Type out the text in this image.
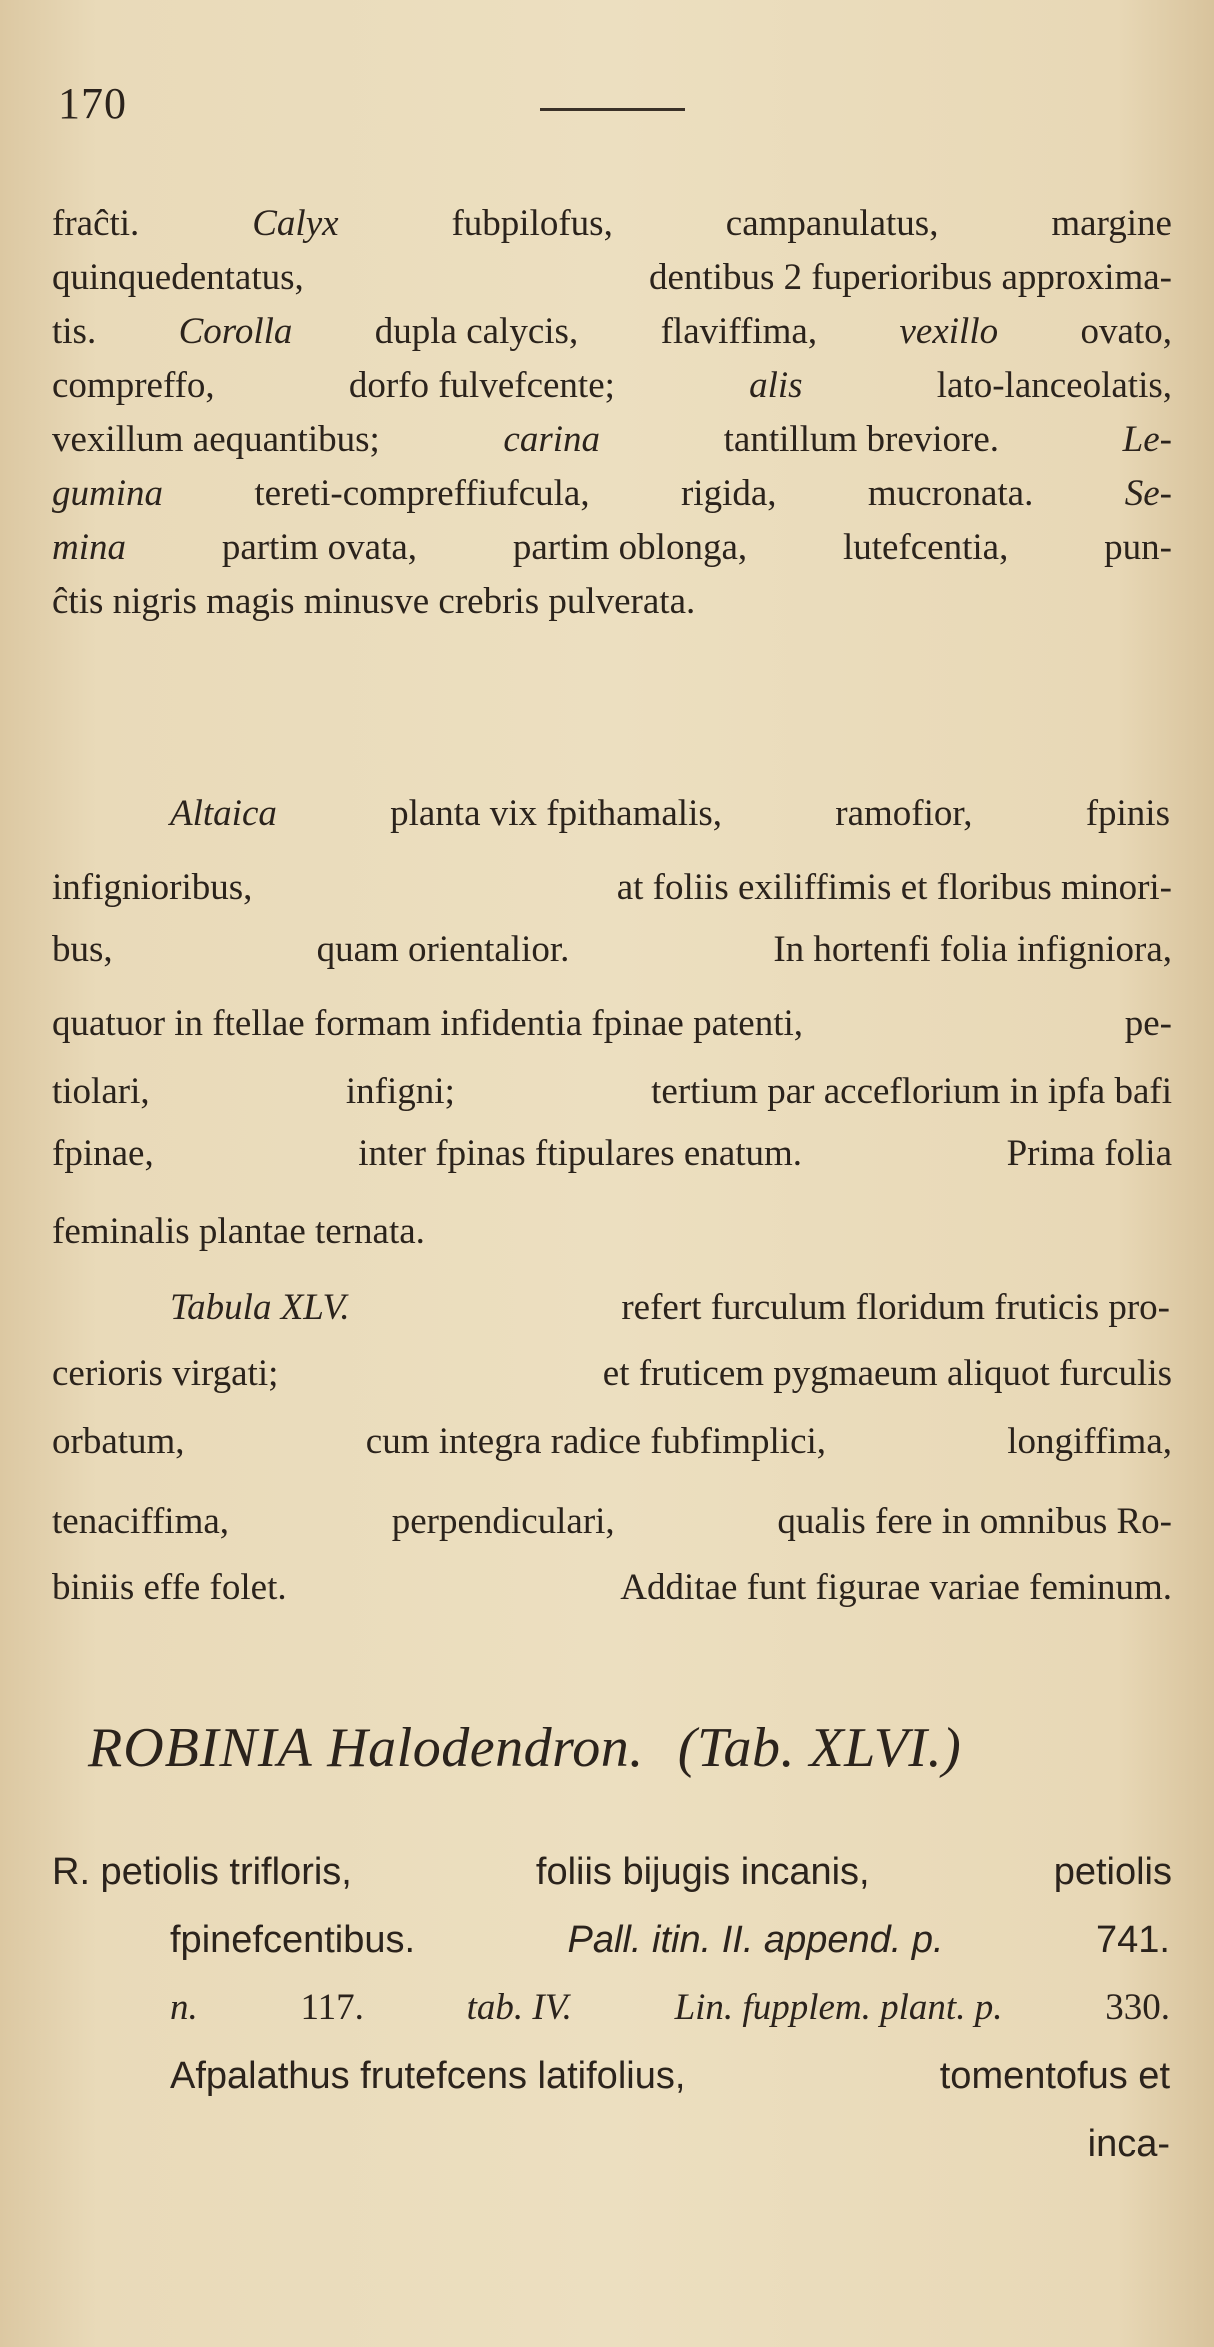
170
fraĉti.	Calyx	fubpilofus,	campanulatus,	margine
quinquedentatus,	dentibus 2 fuperioribus approxima-
tis. Corolla dupla calycis, flaviffima, vexillo ovato,
compreffo,	dorfo fulvefcente;	alis	lato-lanceolatis,
vexillum aequantibus;	carina	tantillum breviore.	Le-
gumina tereti-compreffiufcula, rigida, mucronata. Se-
mina	partim ovata,	partim oblonga,	lutefcentia,	pun-
ĉtis nigris magis minusve crebris pulverata.
Altaica	planta vix fpithamalis,	ramofior,	fpinis
infignioribus,	at foliis exiliffimis et floribus minori-
bus,	quam orientalior.	In hortenfi folia infigniora,
quatuor in ftellae formam infidentia fpinae patenti,	pe-
tiolari,	infigni;	tertium par acceflorium in ipfa bafi
fpinae,	inter fpinas ftipulares enatum.	Prima folia
feminalis plantae ternata.
Tabula XLV.	refert furculum floridum fruticis pro-
cerioris virgati;	et fruticem pygmaeum aliquot furculis
orbatum,	cum integra radice fubfimplici,	longiffima,
tenaciffima,	perpendiculari,	qualis fere in omnibus Ro-
biniis effe folet.	Additae funt figurae variae feminum.
ROBINIA Halodendron. (Tab. XLVI.)
R. petiolis trifloris,	foliis bijugis incanis,	petiolis
fpinefcentibus.	Pall. itin. II. append. p.	741.
n.	117.	tab. IV.	Lin. fupplem. plant. p.	330.
Afpalathus frutefcens latifolius,	tomentofus et
inca-
